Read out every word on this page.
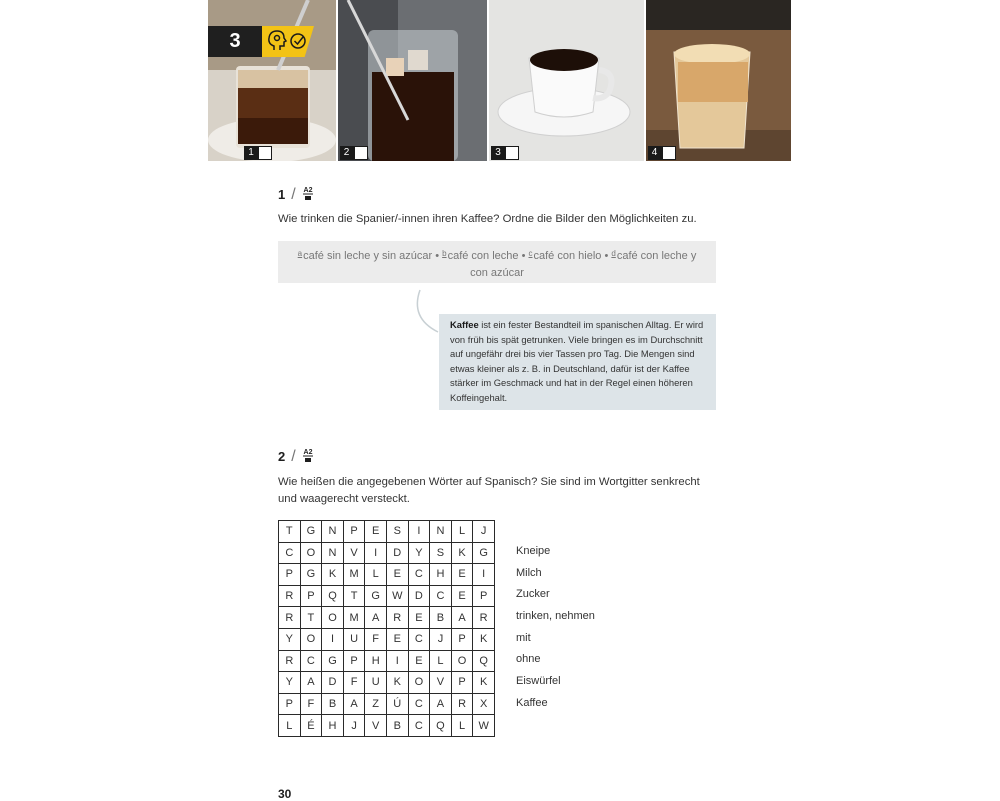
1	2	3	4
3
1 / A2
Wie trinken die Spanier/-innen ihren Kaffee? Ordne die Bilder den Möglichkeiten zu.
$^a$café sin leche y sin azúcar • $^b$café con leche • $^c$café con hielo • $^d$café con leche y con azúcar
Kaffee ist ein fester Bestandteil im spanischen Alltag. Er wird von früh bis spät getrunken. Viele bringen es im Durchschnitt auf ungefähr drei bis vier Tassen pro Tag. Die Mengen sind etwas kleiner als z. B. in Deutschland, dafür ist der Kaffee stärker im Geschmack und hat in der Regel einen höheren Koffeingehalt.
2 / A2
Wie heißen die angegebenen Wörter auf Spanisch? Sie sind im Wortgitter senkrecht und waagerecht versteckt.
T	G	N	P	E	S	I	N	L	J
C	O	N	V	I	D	Y	S	K	G
P	G	K	M	L	E	C	H	E	I
R	P	Q	T	G	W	D	C	E	P
R	T	O	M	A	R	E	B	A	R
Y	O	I	U	F	E	C	J	P	K
R	C	G	P	H	I	E	L	O	Q
Y	A	D	F	U	K	O	V	P	K
P	F	B	A	Z	Ú	C	A	R	X
L	É	H	J	V	B	C	Q	L	W
Kneipe
Milch
Zucker
trinken, nehmen
mit
ohne
Eiswürfel
Kaffee
30
